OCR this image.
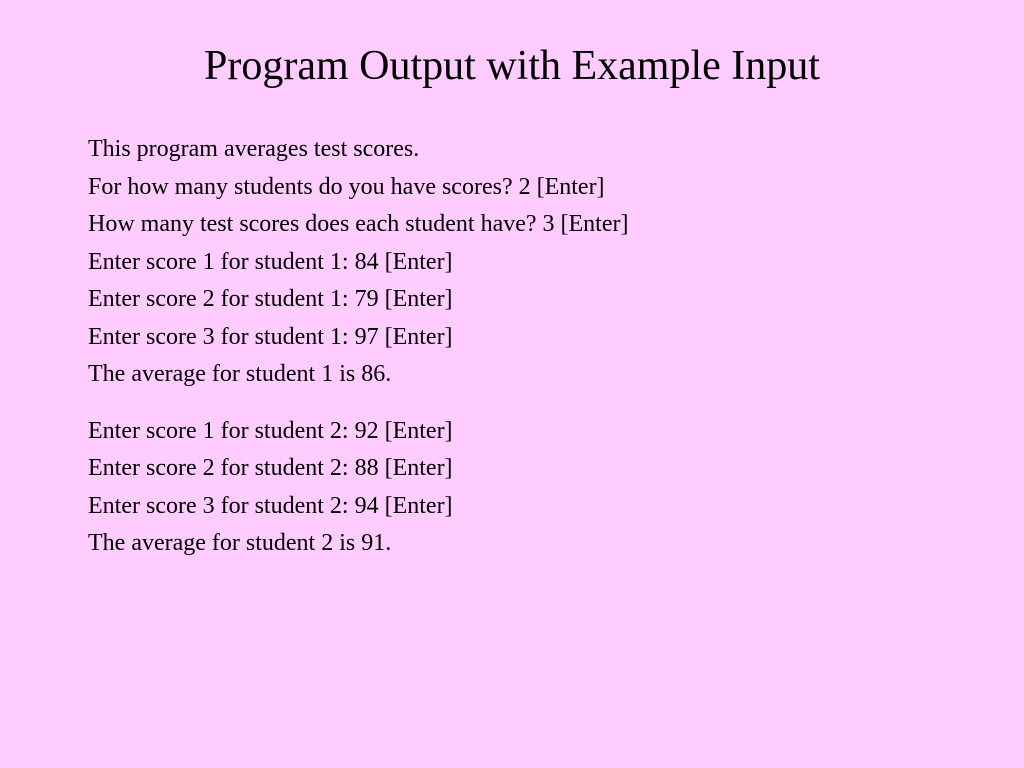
Program Output with Example Input
This program averages test scores.
For how many students do you have scores? 2 [Enter]
How many test scores does each student have? 3 [Enter]
Enter score 1 for student 1: 84 [Enter]
Enter score 2 for student 1: 79 [Enter]
Enter score 3 for student 1: 97 [Enter]
The average for student 1 is 86.
Enter score 1 for student 2: 92 [Enter]
Enter score 2 for student 2: 88 [Enter]
Enter score 3 for student 2: 94 [Enter]
The average for student 2 is 91.
